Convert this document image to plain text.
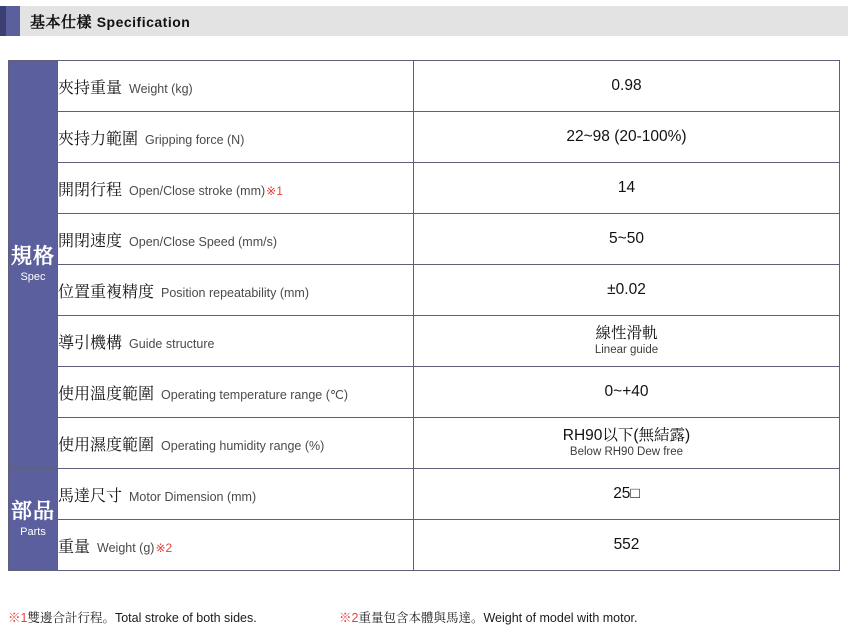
基本仕樣 Specification
規格
Spec	夾持重量 Weight (kg)	0.98

	夾持力範圍 Gripping force (N)	22~98 (20-100%)

	開閉行程 Open/Close stroke (mm)※1	14

	開閉速度 Open/Close Speed (mm/s)	5~50

	位置重複精度 Position repeatability (mm)	±0.02

	導引機構 Guide structure	線性滑軌
Linear guide

	使用溫度範圍 Operating temperature range (℃)	0~+40

	使用濕度範圍 Operating humidity range (%)	RH90以下(無結露)
Below RH90 Dew free

部品
Parts	馬達尺寸 Motor Dimension (mm)	25□

	重量 Weight (g)※2	552
※1雙邊合計行程。Total stroke of both sides.	※2重量包含本體與馬達。Weight of model with motor.
